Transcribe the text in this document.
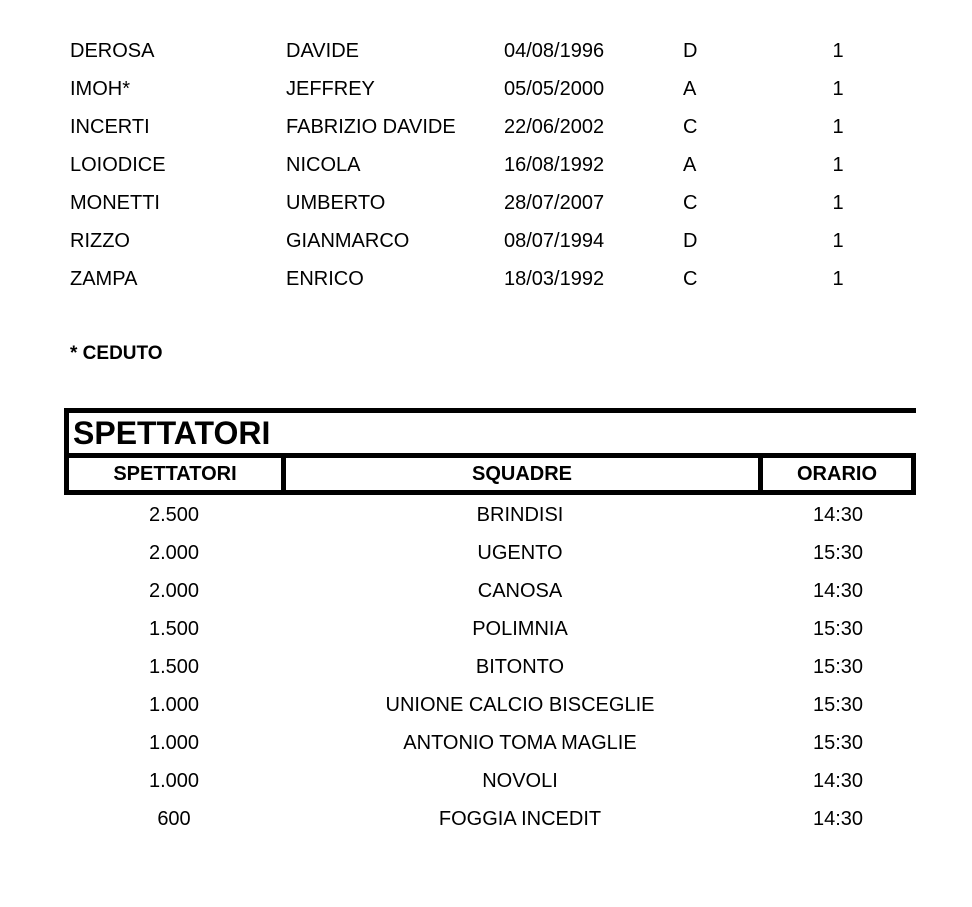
DEROSA	DAVIDE	04/08/1996	D	1
IMOH*	JEFFREY	05/05/2000	A	1
INCERTI	FABRIZIO DAVIDE 22/06/2002	C	1
LOIODICE	NICOLA	16/08/1992	A	1
MONETTI	UMBERTO	28/07/2007	C	1
RIZZO	GIANMARCO	08/07/1994	D	1
ZAMPA	ENRICO	18/03/1992	C	1
* CEDUTO
SPETTATORI
SPETTATORI	SQUADRE	ORARIO
2.500	BRINDISI	14:30
2.000	UGENTO	15:30
2.000	CANOSA	14:30
1.500	POLIMNIA	15:30
1.500	BITONTO	15:30
1.000	UNIONE CALCIO BISCEGLIE	15:30
1.000	ANTONIO TOMA MAGLIE	15:30
1.000	NOVOLI	14:30
600	FOGGIA INCEDIT	14:30
